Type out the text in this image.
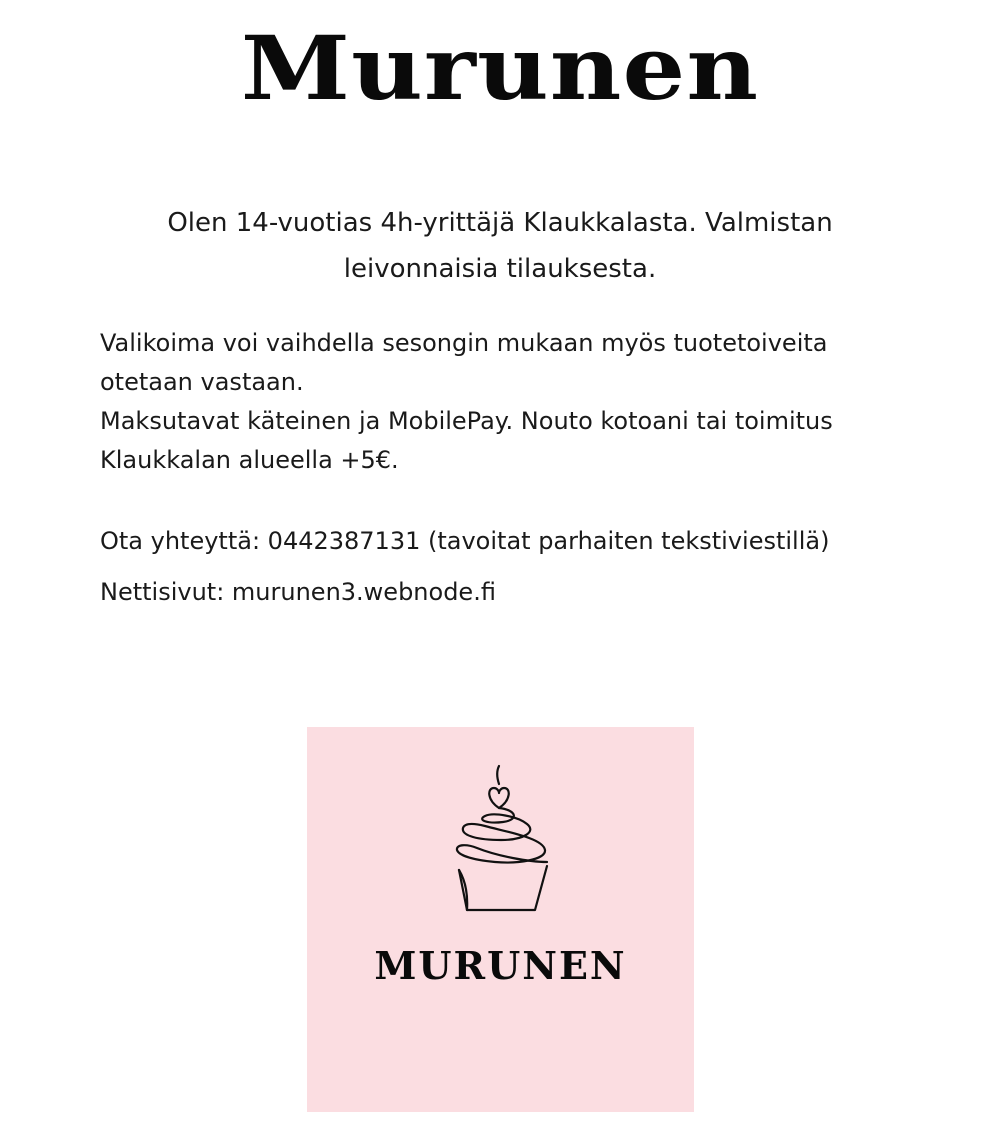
Murunen

Olen 14-vuotias 4h-yrittäjä Klaukkalasta. Valmistan leivonnaisia tilauksesta.

Valikoima voi vaihdella sesongin mukaan myös tuotetoiveita otetaan vastaan.

Maksutavat käteinen ja MobilePay. Nouto kotoani tai toimitus Klaukkalan alueella +5€.

Ota yhteyttä: 0442387131 (tavoitat parhaiten tekstiviestillä)

Nettisivut: murunen3.webnode.fi

MURUNEN
